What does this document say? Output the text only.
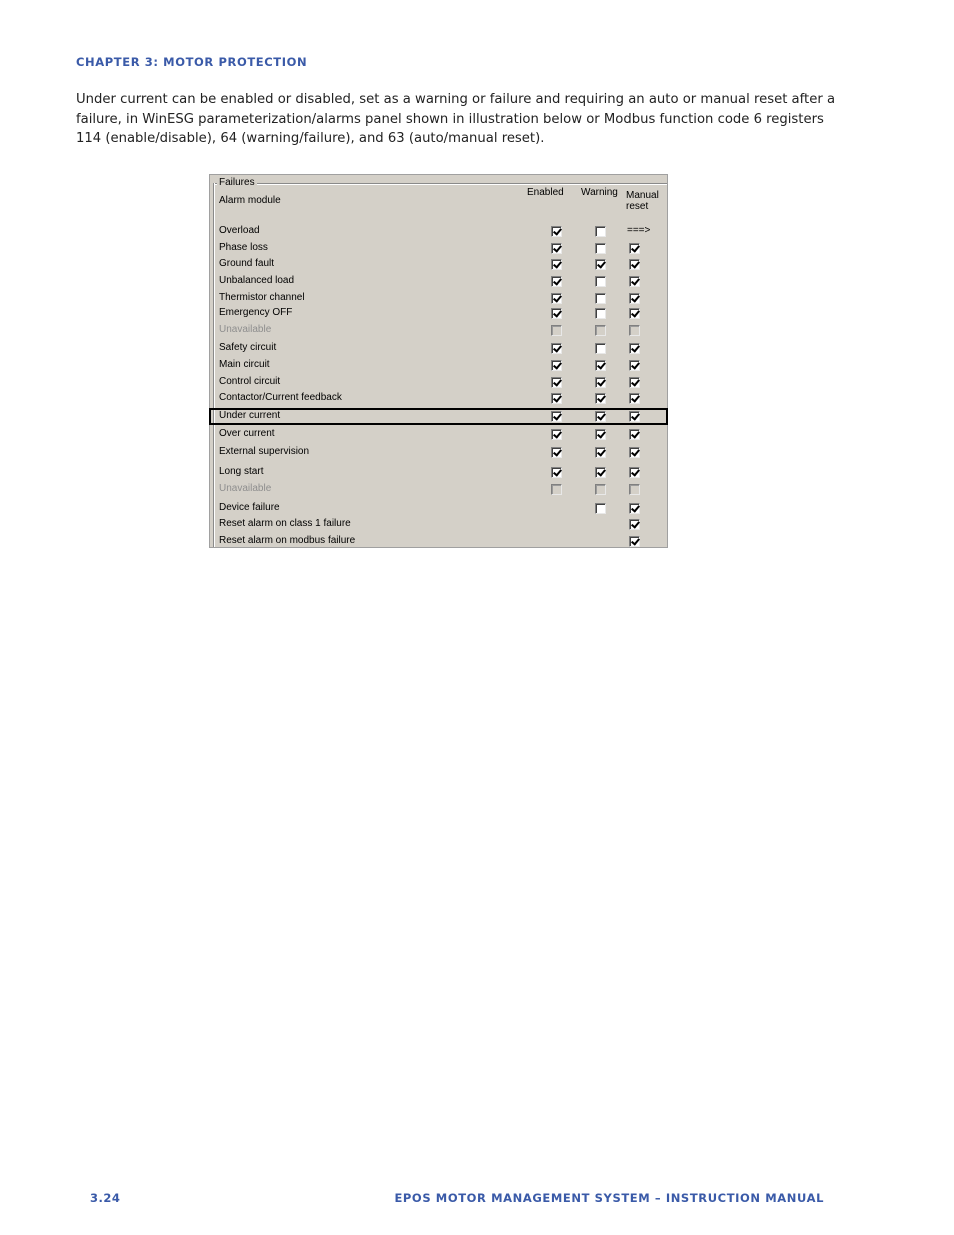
CHAPTER 3: MOTOR PROTECTION
Under current can be enabled or disabled, set as a warning or failure and requiring an auto or manual reset after a failure, in WinESG parameterization/alarms panel shown in illustration below or Modbus function code 6 registers 114 (enable/disable), 64 (warning/failure), and 63 (auto/manual reset).
Failures
Alarm module
Enabled Warning Manual reset
Overload	===>
Phase loss
Ground fault
Unbalanced load
Thermistor channel
Emergency OFF
Unavailable
Safety circuit
Main circuit
Control circuit
Contactor/Current feedback
Under current
Over current
External supervision
Long start
Unavailable
Device failure
Reset alarm on class 1 failure
Reset alarm on modbus failure
3.24	EPOS MOTOR MANAGEMENT SYSTEM – INSTRUCTION MANUAL
